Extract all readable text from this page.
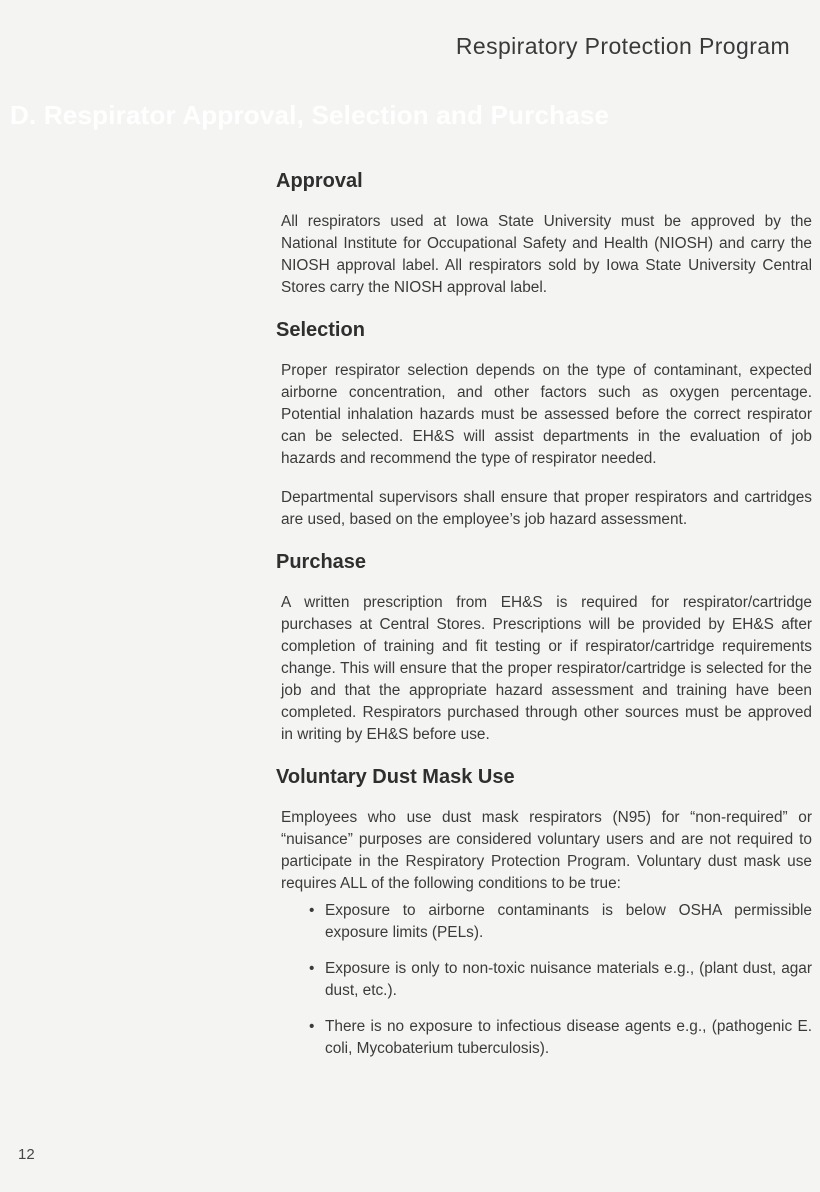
Respiratory Protection Program
D. Respirator Approval, Selection and Purchase
Approval

All respirators used at Iowa State University must be approved by the National Institute for Occupational Safety and Health (NIOSH) and carry the NIOSH approval label. All respirators sold by Iowa State University Central Stores carry the NIOSH approval label.

Selection

Proper respirator selection depends on the type of contaminant, expected airborne concentration, and other factors such as oxygen percentage. Potential inhalation hazards must be assessed before the correct respirator can be selected. EH&S will assist departments in the evaluation of job hazards and recommend the type of respirator needed.

Departmental supervisors shall ensure that proper respirators and cartridges are used, based on the employee’s job hazard assessment.

Purchase

A written prescription from EH&S is required for respirator/cartridge purchases at Central Stores. Prescriptions will be provided by EH&S after completion of training and fit testing or if respirator/cartridge requirements change. This will ensure that the proper respirator/cartridge is selected for the job and that the appropriate hazard assessment and training have been completed. Respirators purchased through other sources must be approved in writing by EH&S before use.

Voluntary Dust Mask Use

Employees who use dust mask respirators (N95) for “non-required” or “nuisance” purposes are considered voluntary users and are not required to participate in the Respiratory Protection Program. Voluntary dust mask use requires ALL of the following conditions to be true:

• Exposure to airborne contaminants is below OSHA permissible exposure limits (PELs).
• Exposure is only to non-toxic nuisance materials e.g., (plant dust, agar dust, etc.).
• There is no exposure to infectious disease agents e.g., (pathogenic E. coli, Mycobaterium tuberculosis).
12
